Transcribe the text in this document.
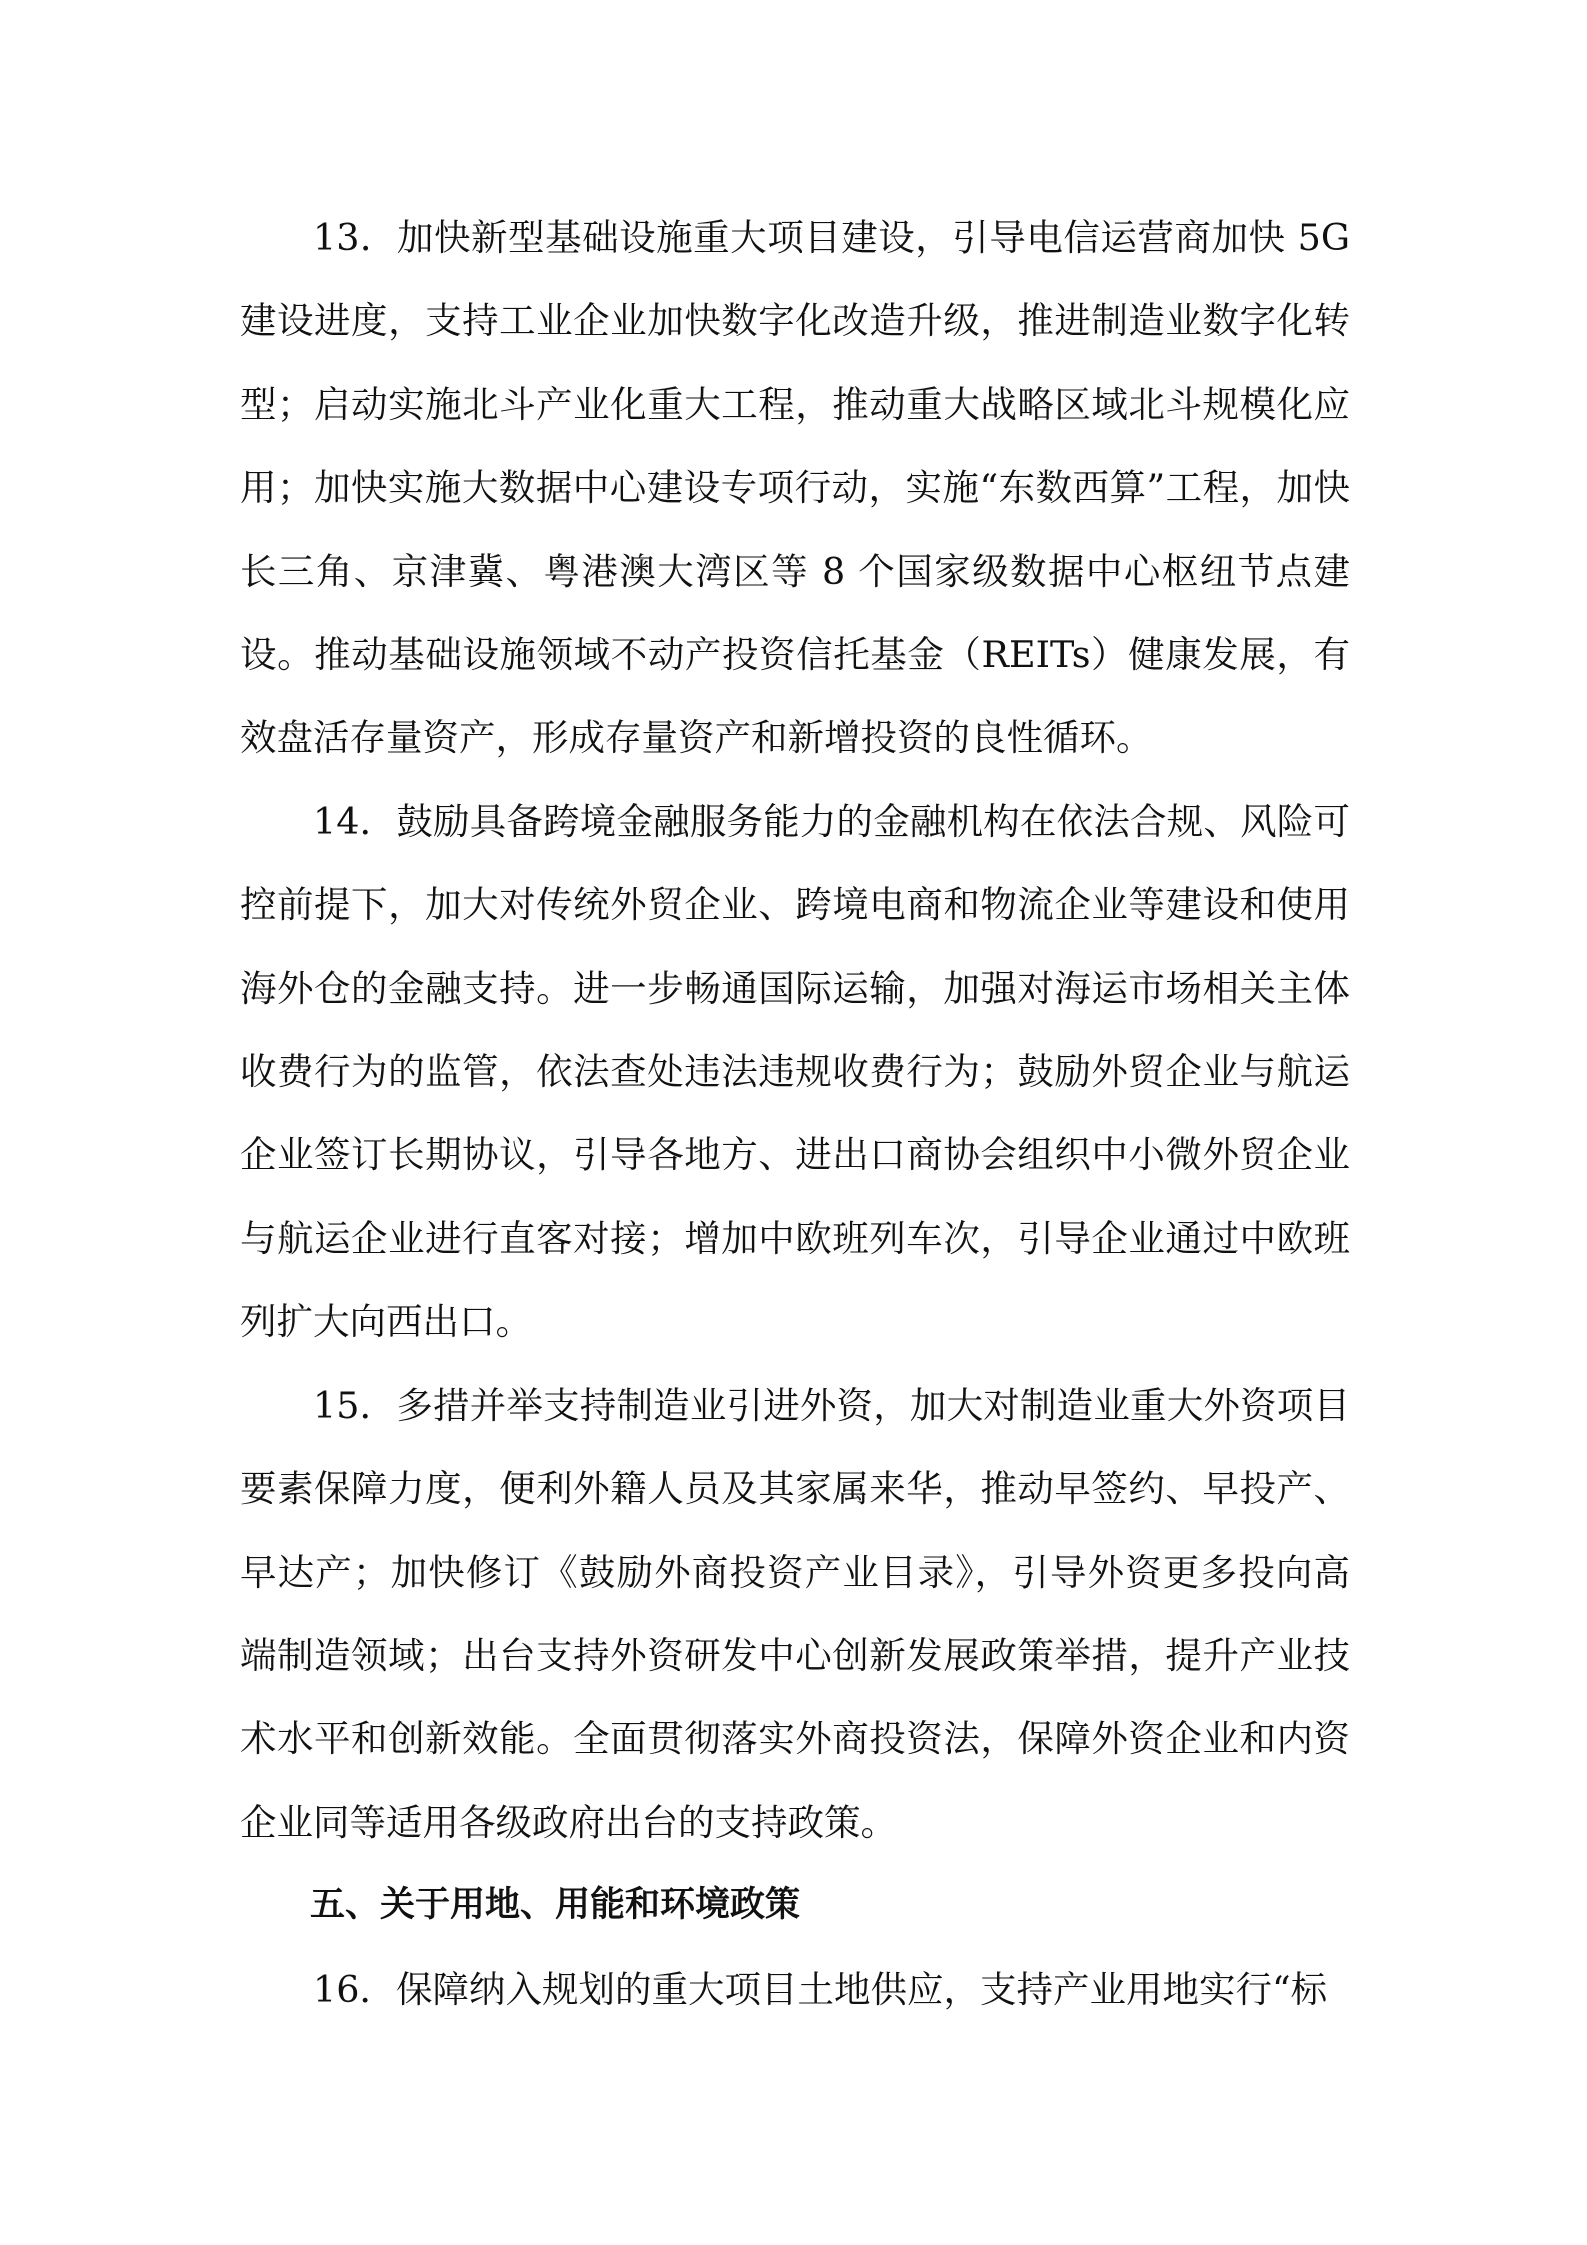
13．加快新型基础设施重大项目建设，引导电信运营商加快 5G 建设进度，支持工业企业加快数字化改造升级，推进制造业数字化转型；启动实施北斗产业化重大工程，推动重大战略区域北斗规模化应用；加快实施大数据中心建设专项行动，实施“东数西算”工程，加快长三角、京津冀、粤港澳大湾区等 8 个国家级数据中心枢纽节点建设。推动基础设施领域不动产投资信托基金（REITs）健康发展，有效盘活存量资产，形成存量资产和新增投资的良性循环。

14．鼓励具备跨境金融服务能力的金融机构在依法合规、风险可控前提下，加大对传统外贸企业、跨境电商和物流企业等建设和使用海外仓的金融支持。进一步畅通国际运输，加强对海运市场相关主体收费行为的监管，依法查处违法违规收费行为；鼓励外贸企业与航运企业签订长期协议，引导各地方、进出口商协会组织中小微外贸企业与航运企业进行直客对接；增加中欧班列车次，引导企业通过中欧班列扩大向西出口。

15．多措并举支持制造业引进外资，加大对制造业重大外资项目要素保障力度，便利外籍人员及其家属来华，推动早签约、早投产、早达产；加快修订《鼓励外商投资产业目录》，引导外资更多投向高端制造领域；出台支持外资研发中心创新发展政策举措，提升产业技术水平和创新效能。全面贯彻落实外商投资法，保障外资企业和内资企业同等适用各级政府出台的支持政策。

五、关于用地、用能和环境政策

16．保障纳入规划的重大项目土地供应，支持产业用地实行“标
